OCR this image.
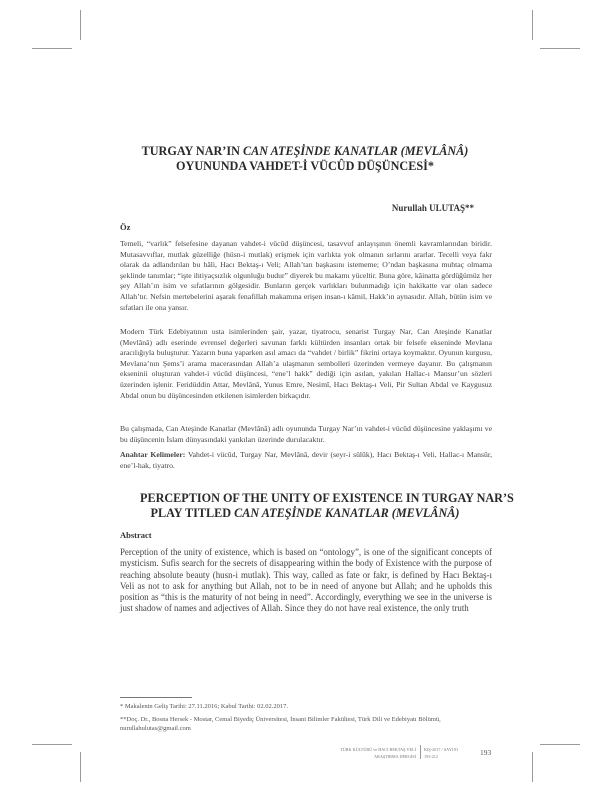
TURGAY NAR’IN CAN ATEŞİNDE KANATLAR (MEVLÂNÂ)
OYUNUNDA VAHDET-İ VÜCÛD DÜŞÜNCESİ*
Nurullah ULUTAŞ**
Öz

Temeli, “varlık” felsefesine dayanan vahdet-i vücûd düşüncesi, tasavvuf anlayışının önemli kavramlarından biridir. Mutasavvıflar, mutlak güzelliğe (hüsn-i mutlak) erişmek için varlıkta yok olmanın sırlarını ararlar. Tecelli veya fakr olarak da adlandırılan bu hâli, Hacı Bektaş-ı Veli; Allah’tan başkasını istememe; O’ndan başkasına muhtaç olmama şeklinde tanımlar; “işte ihtiyaçsızlık olgunluğu budur” diyerek bu makamı yüceltir. Buna göre, kâinatta gördüğümüz her şey Allah’ın isim ve sıfatlarının gölgesidir. Bunların gerçek varlıkları bulunmadığı için hakikatte var olan sadece Allah’tır. Nefsin mertebelerini aşarak fenafillah makamına erişen insan-ı kâmil, Hakk’ın aynasıdır. Allah, bütün isim ve sıfatları ile ona yansır.

Modern Türk Edebiyatının usta isimlerinden şair, yazar, tiyatrocu, senarist Turgay Nar, Can Ateşinde Kanatlar (Mevlânâ) adlı eserinde evrensel değerleri savunan farklı kültürden insanları ortak bir felsefe ekseninde Mevlana aracılığıyla buluşturur. Yazarın buna yaparken asıl amacı da “vahdet / birlik” fikrini ortaya koymaktır. Oyunun kurgusu, Mevlana’nın Şems’i arama macerasından Allah’a ulaşmanın sembolleri üzerinden vermeye dayanır. Bu çalışmanın ekseninii oluşturan vahdet-i vücûd düşüncesi, “ene’l hakk” dediği için asılan, yakılan Hallac-ı Mansur’un sözleri üzerinden işlenir. Feridüddin Attar, Mevlânâ, Yunus Emre, Nesimî, Hacı Bektaş-ı Veli, Pir Sultan Abdal ve Kaygusuz Abdal onun bu düşüncesinden etkilenen isimlerden birkaçıdır.

Bu çalışmada, Can Ateşinde Kanatlar (Mevlânâ) adlı oyununda Turgay Nar’ın vahdet-i vücûd düşüncesine yaklaşımı ve bu düşüncenin İslam dünyasındaki yankıları üzerinde durulacaktır.

Anahtar Kelimeler: Vahdet-i vücûd, Turgay Nar, Mevlânâ, devir (seyr-i sülûk), Hacı Bektaş-ı Veli, Hallac-ı Mansûr, ene’l-hak, tiyatro.

PERCEPTION OF THE UNITY OF EXISTENCE IN TURGAY NAR’S
PLAY TITLED CAN ATEŞİNDE KANATLAR (MEVLÂNÂ)
Abstract

Perception of the unity of existence, which is based on “ontology”, is one of the significant concepts of mysticism. Sufis search for the secrets of disappearing within the body of Existence with the purpose of reaching absolute beauty (husn-i mutlak). This way, called as fate or fakr, is defined by Hacı Bektaş-ı Veli as not to ask for anything but Allah, not to be in need of anyone but Allah; and he upholds this position as “this is the maturity of not being in need”. Accordingly, everything we see in the universe is just shadow of names and adjectives of Allah. Since they do not have real existence, the only truth

* Makalenin Geliş Tarihi: 27.11.2016; Kabul Tarihi: 02.02.2017.

**Doç. Dr., Bosna Hersek - Mostar, Cemal Biyediç Üniversitesi, İnsani Bilimler Fakültesi, Türk Dili ve Edebiyatı Bölümü, nurullahulutas@gmail.com

TÜRK KÜLTÜRÜ ve HACI BEKTAŞ VELİ
ARAŞTIRMA DERGİSİ
KIŞ-2017 / SAYI 81
193-212	193
